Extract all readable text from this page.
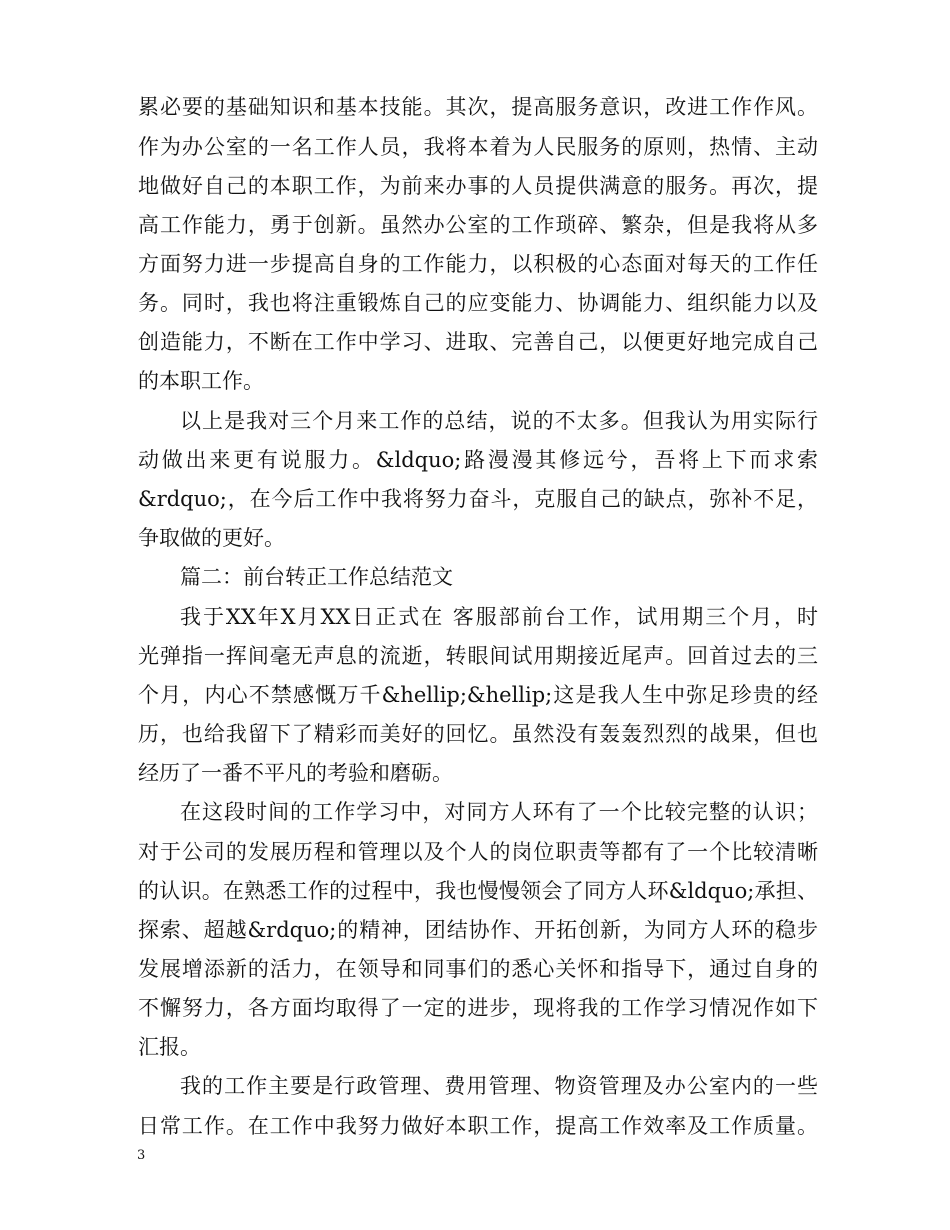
累必要的基础知识和基本技能。其次，提高服务意识，改进工作作风。
作为办公室的一名工作人员，我将本着为人民服务的原则，热情、主动
地做好自己的本职工作，为前来办事的人员提供满意的服务。再次，提
高工作能力，勇于创新。虽然办公室的工作琐碎、繁杂，但是我将从多
方面努力进一步提高自身的工作能力，以积极的心态面对每天的工作任
务。同时，我也将注重锻炼自己的应变能力、协调能力、组织能力以及
创造能力，不断在工作中学习、进取、完善自己，以便更好地完成自己
的本职工作。
以上是我对三个月来工作的总结，说的不太多。但我认为用实际行
动做出来更有说服力。&ldquo;路漫漫其修远兮，吾将上下而求索
&rdquo;，在今后工作中我将努力奋斗，克服自己的缺点，弥补不足，
争取做的更好。
篇二：前台转正工作总结范文
我于XX年X月XX日正式在 客服部前台工作，试用期三个月，时
光弹指一挥间毫无声息的流逝，转眼间试用期接近尾声。回首过去的三
个月，内心不禁感慨万千&hellip;&hellip;这是我人生中弥足珍贵的经
历，也给我留下了精彩而美好的回忆。虽然没有轰轰烈烈的战果，但也
经历了一番不平凡的考验和磨砺。
在这段时间的工作学习中，对同方人环有了一个比较完整的认识；
对于公司的发展历程和管理以及个人的岗位职责等都有了一个比较清晰
的认识。在熟悉工作的过程中，我也慢慢领会了同方人环&ldquo;承担、
探索、超越&rdquo;的精神，团结协作、开拓创新，为同方人环的稳步
发展增添新的活力，在领导和同事们的悉心关怀和指导下，通过自身的
不懈努力，各方面均取得了一定的进步，现将我的工作学习情况作如下
汇报。
我的工作主要是行政管理、费用管理、物资管理及办公室内的一些
日常工作。在工作中我努力做好本职工作，提高工作效率及工作质量。
3
